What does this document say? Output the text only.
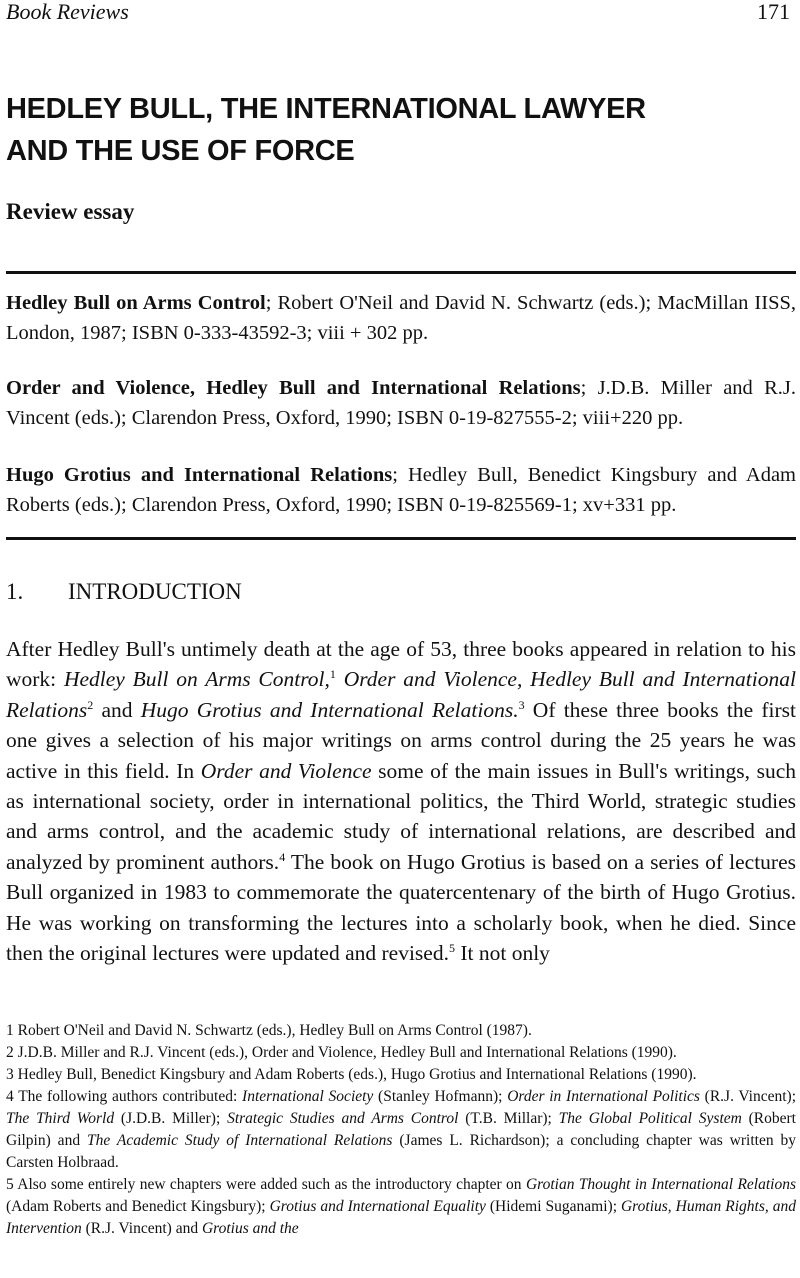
Book Reviews	171
HEDLEY BULL, THE INTERNATIONAL LAWYER
AND THE USE OF FORCE
Review essay

Hedley Bull on Arms Control; Robert O'Neil and David N. Schwartz (eds.); MacMillan IISS, London, 1987; ISBN 0-333-43592-3; viii + 302 pp.

Order and Violence, Hedley Bull and International Relations; J.D.B. Miller and R.J. Vincent (eds.); Clarendon Press, Oxford, 1990; ISBN 0-19-827555-2; viii+220 pp.

Hugo Grotius and International Relations; Hedley Bull, Benedict Kingsbury and Adam Roberts (eds.); Clarendon Press, Oxford, 1990; ISBN 0-19-825569-1; xv+331 pp.

1. INTRODUCTION

After Hedley Bull's untimely death at the age of 53, three books appeared in relation to his work: Hedley Bull on Arms Control,$^1$ Order and Violence, Hedley Bull and International Relations$^2$ and Hugo Grotius and International Relations.$^3$ Of these three books the first one gives a selection of his major writings on arms control during the 25 years he was active in this field. In Order and Violence some of the main issues in Bull's writings, such as international society, order in international politics, the Third World, strategic studies and arms control, and the academic study of international relations, are described and analyzed by prominent authors.$^4$ The book on Hugo Grotius is based on a series of lectures Bull organized in 1983 to commemorate the quatercentenary of the birth of Hugo Grotius. He was working on transforming the lectures into a scholarly book, when he died. Since then the original lectures were updated and revised.$^5$ It not only

1 Robert O'Neil and David N. Schwartz (eds.), Hedley Bull on Arms Control (1987).

2 J.D.B. Miller and R.J. Vincent (eds.), Order and Violence, Hedley Bull and International Relations (1990).

3 Hedley Bull, Benedict Kingsbury and Adam Roberts (eds.), Hugo Grotius and International Relations (1990).

4 The following authors contributed: International Society (Stanley Hofmann); Order in International Politics (R.J. Vincent); The Third World (J.D.B. Miller); Strategic Studies and Arms Control (T.B. Millar); The Global Political System (Robert Gilpin) and The Academic Study of International Relations (James L. Richardson); a concluding chapter was written by Carsten Holbraad.

5 Also some entirely new chapters were added such as the introductory chapter on Grotian Thought in International Relations (Adam Roberts and Benedict Kingsbury); Grotius and International Equality (Hidemi Suganami); Grotius, Human Rights, and Intervention (R.J. Vincent) and Grotius and the
